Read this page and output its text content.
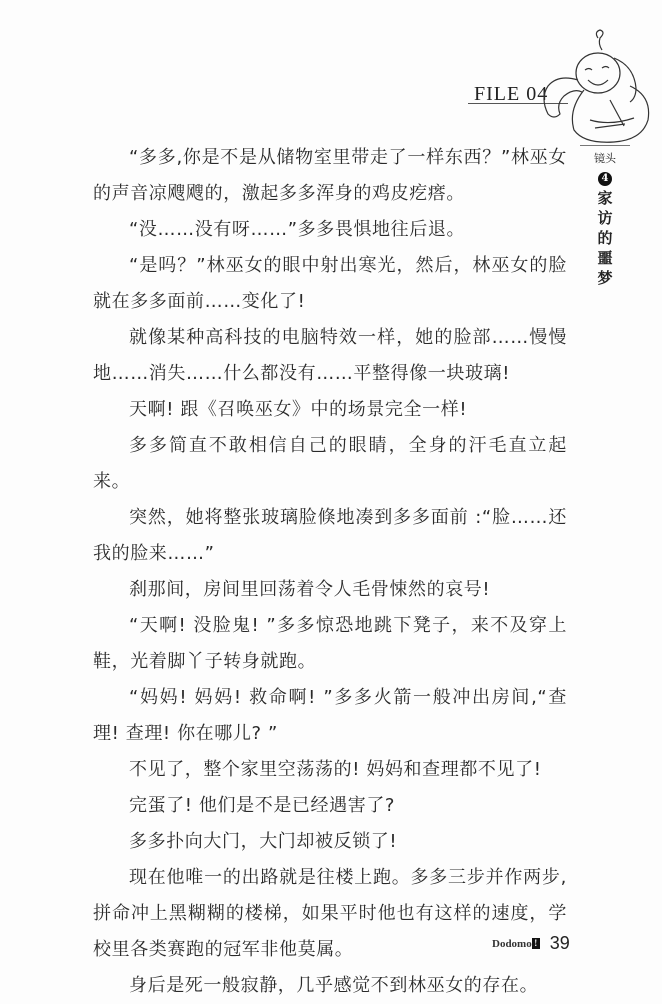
FILE 04
镜头
4
家
访
的
噩
梦

“多多,你是不是从储物室里带走了一样东西？”林巫女的声音凉飕飕的，激起多多浑身的鸡皮疙瘩。

“没……没有呀……”多多畏惧地往后退。

“是吗？”林巫女的眼中射出寒光，然后，林巫女的脸就在多多面前……变化了!

就像某种高科技的电脑特效一样，她的脸部……慢慢地……消失……什么都没有……平整得像一块玻璃!

天啊! 跟《召唤巫女》中的场景完全一样!

多多简直不敢相信自己的眼睛，全身的汗毛直立起来。

突然，她将整张玻璃脸倏地凑到多多面前 :“脸……还我的脸来……”

刹那间，房间里回荡着令人毛骨悚然的哀号!

“天啊! 没脸鬼! ”多多惊恐地跳下凳子，来不及穿上鞋，光着脚丫子转身就跑。

“妈妈! 妈妈! 救命啊! ”多多火箭一般冲出房间,“查理! 查理! 你在哪儿? ”

不见了，整个家里空荡荡的! 妈妈和查理都不见了!

完蛋了! 他们是不是已经遇害了?

多多扑向大门，大门却被反锁了!

现在他唯一的出路就是往楼上跑。多多三步并作两步, 拼命冲上黑糊糊的楼梯，如果平时他也有这样的速度，学校里各类赛跑的冠军非他莫属。

身后是死一般寂静，几乎感觉不到林巫女的存在。

Dodomo ! 39
